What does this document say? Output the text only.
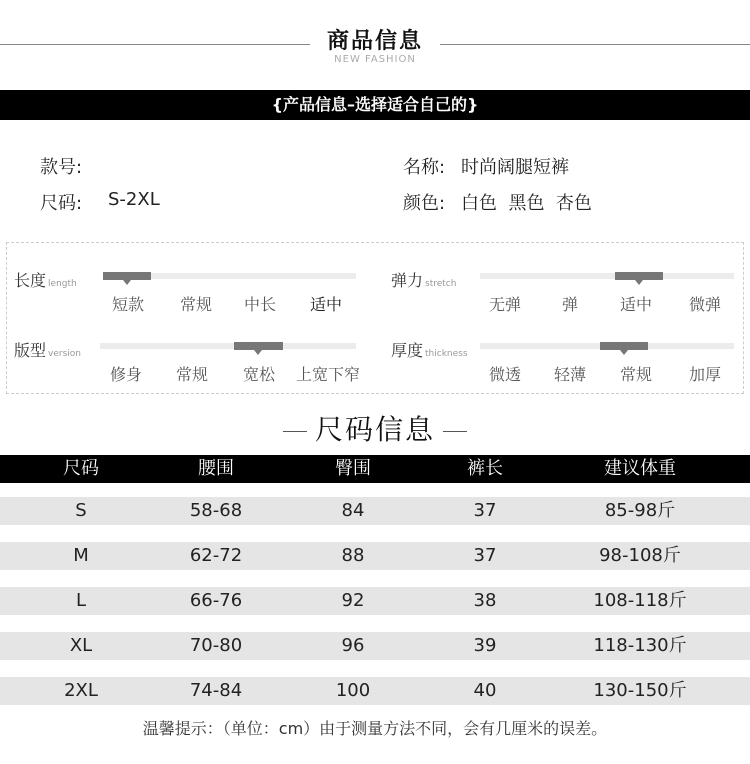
商品信息
NEW FASHION
{产品信息–选择适合自己的}
款号:	名称: 时尚阔腿短裤
尺码: S-2XL	颜色: 白色  黑色  杏色
长度 length
短款	常规	中长	适中
弹力 stretch
无弹	弹	适中	微弹
版型 version
修身	常规	宽松	上宽下窄
厚度 thickness
微透	轻薄	常规	加厚
尺码信息
尺码	腰围	臀围	裤长	建议体重
S	58-68	84	37	85-98斤
M	62-72	88	37	98-108斤
L	66-76	92	38	108-118斤
XL	70-80	96	39	118-130斤
2XL	74-84	100	40	130-150斤
温馨提示：（单位：cm）由于测量方法不同，会有几厘米的误差。
